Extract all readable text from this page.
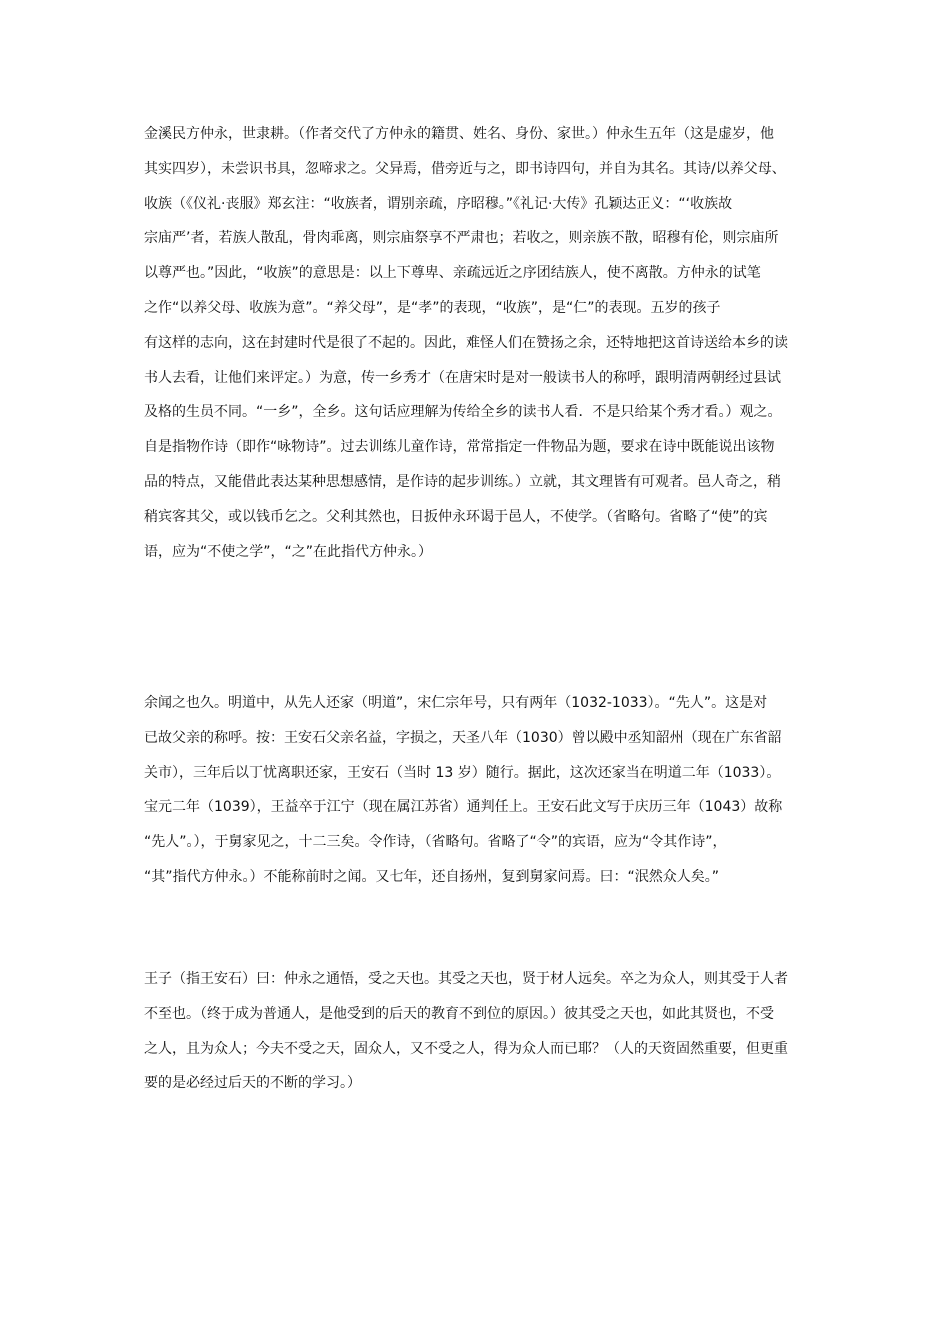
金溪民方仲永，世隶耕。（作者交代了方仲永的籍贯、姓名、身份、家世。）仲永生五年（这是虚岁，他
其实四岁），未尝识书具，忽啼求之。父异焉，借旁近与之，即书诗四句，并自为其名。其诗/以养父母、
收族（《仪礼·丧服》郑玄注：“收族者，谓别亲疏，序昭穆。”《礼记·大传》孔颖达正义：“‘收族故
宗庙严’者，若族人散乱，骨肉乖离，则宗庙祭享不严肃也；若收之，则亲族不散，昭穆有伦，则宗庙所
以尊严也。”因此，“收族”的意思是：以上下尊卑、亲疏远近之序团结族人，使不离散。方仲永的试笔
之作“以养父母、收族为意”。“养父母”，是“孝”的表现，“收族”，是“仁”的表现。五岁的孩子
有这样的志向，这在封建时代是很了不起的。因此，难怪人们在赞扬之余，还特地把这首诗送给本乡的读
书人去看，让他们来评定。）为意，传一乡秀才（在唐宋时是对一般读书人的称呼，跟明清两朝经过县试
及格的生员不同。“一乡”，全乡。这句话应理解为传给全乡的读书人看．不是只给某个秀才看。）观之。
自是指物作诗（即作“咏物诗”。过去训练儿童作诗，常常指定一件物品为题，要求在诗中既能说出该物
品的特点，又能借此表达某种思想感情，是作诗的起步训练。）立就，其文理皆有可观者。邑人奇之，稍
稍宾客其父，或以钱币乞之。父利其然也，日扳仲永环谒于邑人，不使学。（省略句。省略了“使”的宾
语，应为“不使之学”，“之”在此指代方仲永。）
余闻之也久。明道中，从先人还家（明道”，宋仁宗年号，只有两年（1032-1033）。“先人”。这是对
已故父亲的称呼。按：王安石父亲名益，字损之，天圣八年（1030）曾以殿中丞知韶州（现在广东省韶
关市），三年后以丁忧离职还家，王安石（当时 13 岁）随行。据此，这次还家当在明道二年（1033）。
宝元二年（1039），王益卒于江宁（现在属江苏省）通判任上。王安石此文写于庆历三年（1043）故称
“先人”。），于舅家见之，十二三矣。令作诗，（省略句。省略了“令”的宾语，应为“令其作诗”，
“其”指代方仲永。）不能称前时之闻。又七年，还自扬州，复到舅家问焉。曰：“泯然众人矣。”
王子（指王安石）曰：仲永之通悟，受之天也。其受之天也，贤于材人远矣。卒之为众人，则其受于人者
不至也。（终于成为普通人，是他受到的后天的教育不到位的原因。）彼其受之天也，如此其贤也，不受
之人，且为众人；今夫不受之天，固众人，又不受之人，得为众人而已耶？（人的天资固然重要，但更重
要的是必经过后天的不断的学习。）
